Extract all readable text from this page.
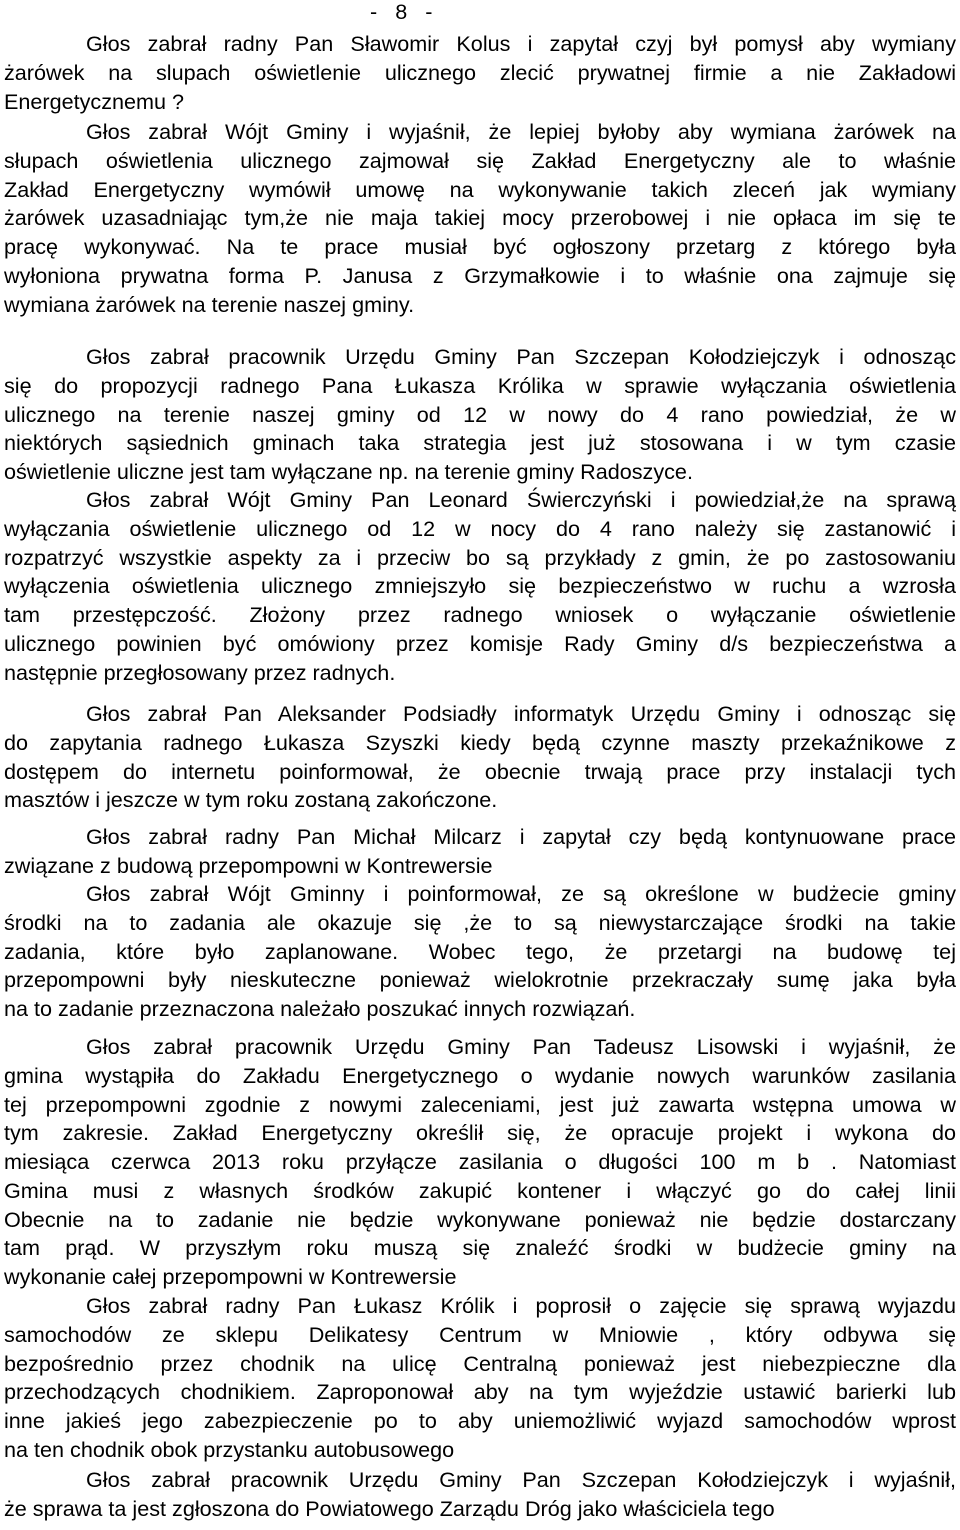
-   8   -
Głos zabrał radny Pan Sławomir Kolus i zapytał czyj był pomysł aby wymiany
żarówek na slupach oświetlenie ulicznego zlecić prywatnej firmie a nie Zakładowi
Energetycznemu ?
Głos zabrał Wójt Gminy i wyjaśnił, że lepiej byłoby aby wymiana żarówek na
słupach oświetlenia ulicznego zajmował się Zakład Energetyczny ale to właśnie
Zakład Energetyczny wymówił umowę na wykonywanie takich zleceń jak wymiany
żarówek uzasadniając tym,że nie maja takiej mocy przerobowej i nie opłaca im się te
pracę wykonywać. Na te prace musiał być ogłoszony przetarg z którego była
wyłoniona prywatna forma P. Janusa z Grzymałkowie i to właśnie ona zajmuje się
wymiana żarówek na terenie naszej gminy.
Głos zabrał pracownik Urzędu Gminy Pan Szczepan Kołodziejczyk i odnosząc
się do propozycji radnego Pana Łukasza Królika w sprawie wyłączania oświetlenia
ulicznego na terenie naszej gminy od 12 w nowy do 4 rano powiedział, że w
niektórych sąsiednich gminach taka strategia jest już stosowana i w tym czasie
oświetlenie uliczne jest tam wyłączane np. na terenie gminy Radoszyce.
Głos zabrał Wójt Gminy Pan Leonard Świerczyński i powiedział,że na sprawą
wyłączania oświetlenie ulicznego od 12 w nocy do 4 rano należy się zastanowić i
rozpatrzyć wszystkie aspekty za i przeciw bo są przykłady z gmin, że po zastosowaniu
wyłączenia oświetlenia ulicznego zmniejszyło się bezpieczeństwo w ruchu a wzrosła
tam przestępczość. Złożony przez radnego wniosek o wyłączanie oświetlenie
ulicznego powinien być omówiony przez komisje Rady Gminy d/s bezpieczeństwa a
następnie przegłosowany przez radnych.
Głos zabrał Pan Aleksander Podsiadły informatyk Urzędu Gminy i odnosząc się
do zapytania radnego Łukasza Szyszki kiedy będą czynne maszty przekaźnikowe z
dostępem do internetu poinformował, że obecnie trwają prace przy instalacji tych
masztów i jeszcze w tym roku zostaną zakończone.
Głos zabrał radny Pan Michał Milcarz i zapytał czy będą kontynuowane prace
związane z budową przepompowni w Kontrewersie
Głos zabrał Wójt Gminny i poinformował, ze są określone w budżecie gminy
środki na to zadania ale okazuje się ,że to są niewystarczające środki na takie
zadania, które było zaplanowane. Wobec tego, że przetargi na budowę tej
przepompowni były nieskuteczne ponieważ wielokrotnie przekraczały sumę jaka była
na to zadanie przeznaczona należało poszukać innych rozwiązań.
Głos zabrał pracownik Urzędu Gminy Pan Tadeusz Lisowski i wyjaśnił, że
gmina wystąpiła do Zakładu Energetycznego o wydanie nowych warunków zasilania
tej przepompowni zgodnie z nowymi zaleceniami, jest już zawarta wstępna umowa w
tym zakresie. Zakład Energetyczny określił się, że opracuje projekt i wykona do
miesiąca czerwca 2013 roku przyłącze zasilania o długości 100 m b . Natomiast
Gmina musi z własnych środków zakupić kontener i włączyć go do całej linii
Obecnie na to zadanie nie będzie wykonywane ponieważ nie będzie dostarczany
tam prąd. W przyszłym roku muszą się znaleźć środki w budżecie gminy na
wykonanie całej przepompowni w Kontrewersie
Głos zabrał radny Pan Łukasz Królik i poprosił o zajęcie się sprawą wyjazdu
samochodów ze sklepu Delikatesy Centrum w Mniowie , który odbywa się
bezpośrednio przez chodnik na ulicę Centralną ponieważ jest niebezpieczne dla
przechodzących chodnikiem. Zaproponował aby na tym wyjeździe ustawić barierki lub
inne jakieś jego zabezpieczenie po to aby uniemożliwić wyjazd samochodów wprost
na ten chodnik obok przystanku autobusowego
Głos zabrał pracownik Urzędu Gminy Pan Szczepan Kołodziejczyk i wyjaśnił,
że sprawa ta jest zgłoszona do Powiatowego Zarządu Dróg jako właściciela tego
